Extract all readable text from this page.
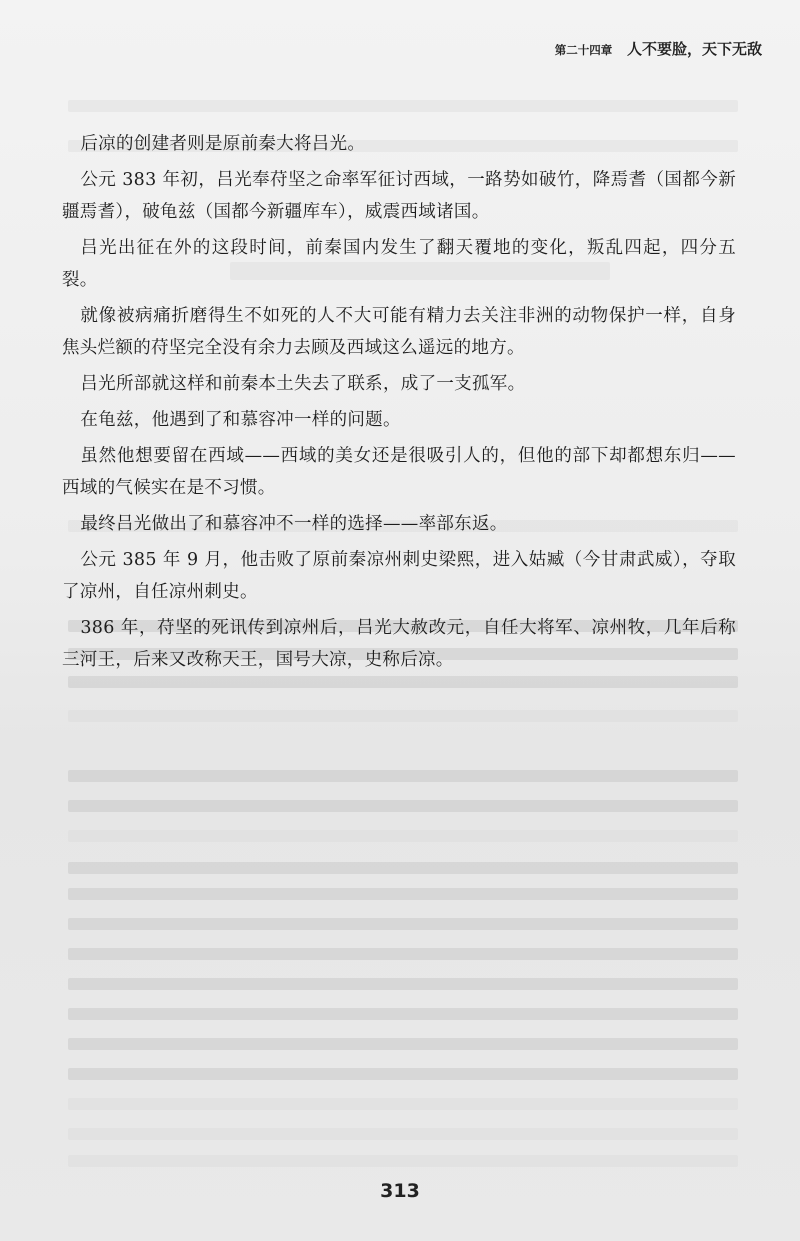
第二十四章 人不要脸，天下无敌

后凉的创建者则是原前秦大将吕光。

公元 383 年初，吕光奉苻坚之命率军征讨西域，一路势如破竹，降焉耆（国都今新疆焉耆），破龟兹（国都今新疆库车），威震西域诸国。

吕光出征在外的这段时间，前秦国内发生了翻天覆地的变化，叛乱四起，四分五裂。

就像被病痛折磨得生不如死的人不大可能有精力去关注非洲的动物保护一样，自身焦头烂额的苻坚完全没有余力去顾及西域这么遥远的地方。

吕光所部就这样和前秦本土失去了联系，成了一支孤军。

在龟兹，他遇到了和慕容冲一样的问题。

虽然他想要留在西域——西域的美女还是很吸引人的，但他的部下却都想东归——西域的气候实在是不习惯。

最终吕光做出了和慕容冲不一样的选择——率部东返。

公元 385 年 9 月，他击败了原前秦凉州刺史梁熙，进入姑臧（今甘肃武威），夺取了凉州，自任凉州刺史。

386 年，苻坚的死讯传到凉州后，吕光大赦改元，自任大将军、凉州牧，几年后称三河王，后来又改称天王，国号大凉，史称后凉。

313
